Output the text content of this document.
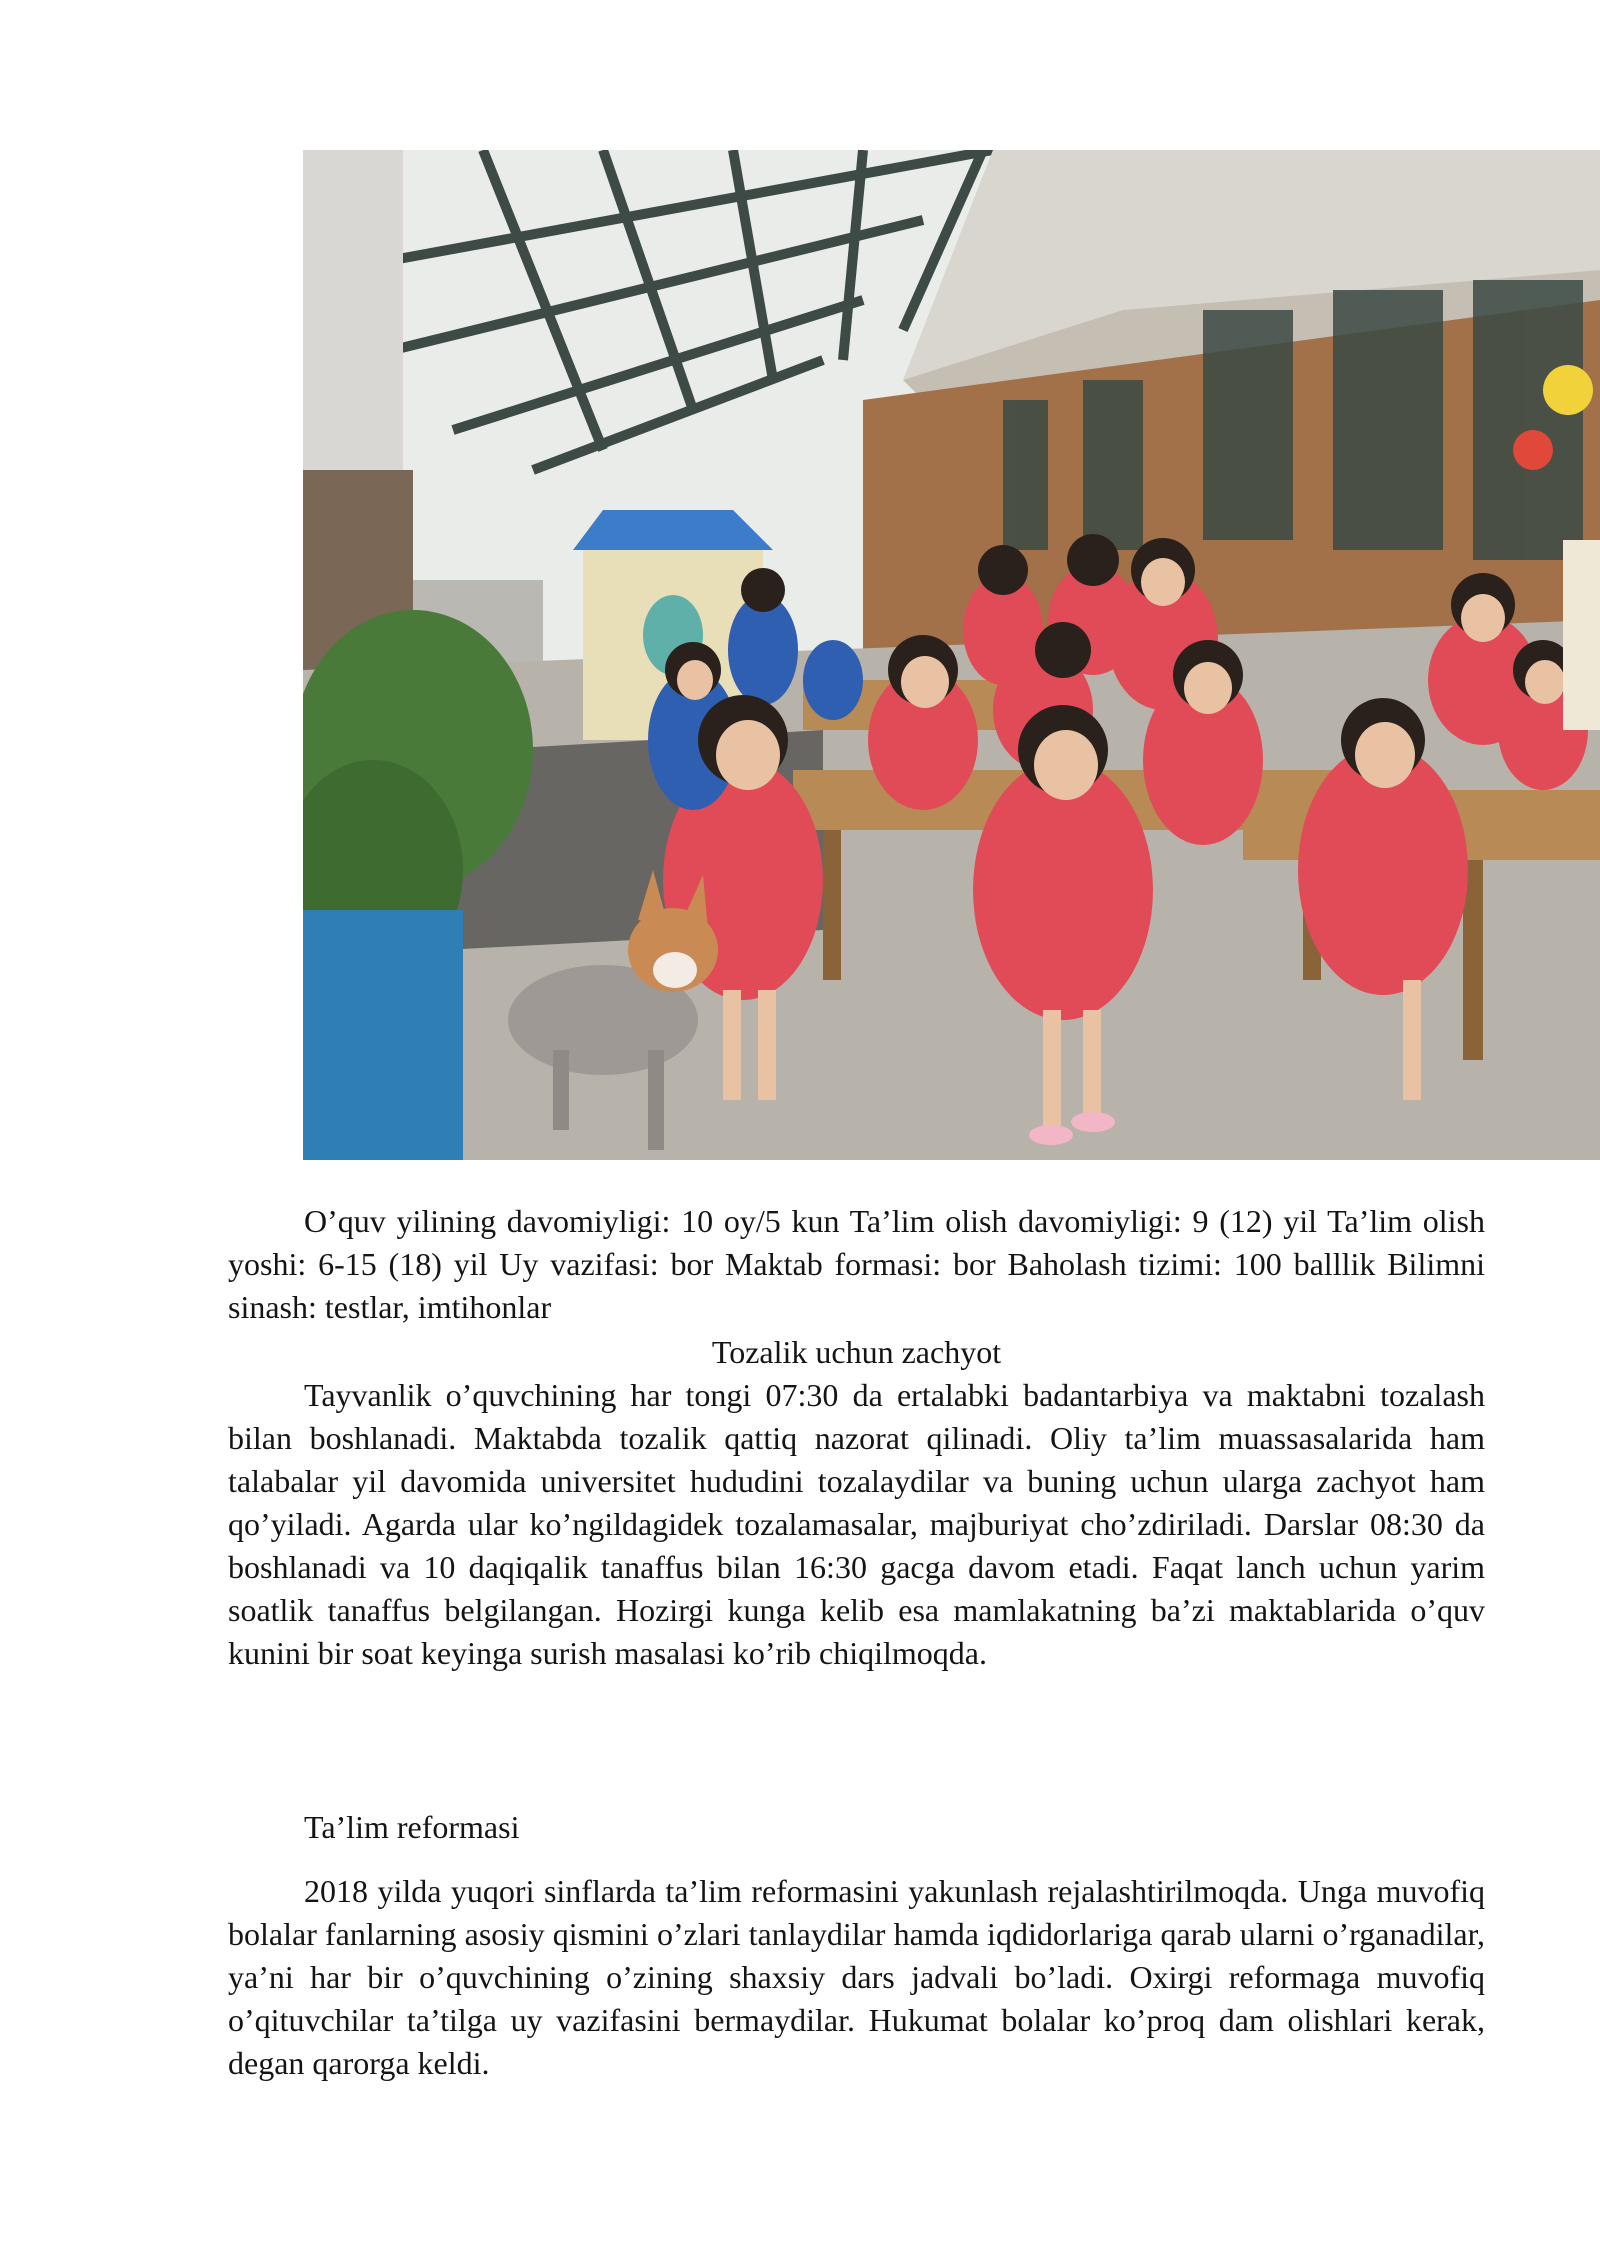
O’quv yilining davomiyligi: 10 oy/5 kun Ta’lim olish davomiyligi: 9 (12) yil Ta’lim olish yoshi: 6-15 (18) yil Uy vazifasi: bor Maktab formasi: bor Baholash tizimi: 100 balllik Bilimni sinash: testlar, imtihonlar

Tozalik uchun zachyot

Tayvanlik o’quvchining har tongi 07:30 da ertalabki badantarbiya va maktabni tozalash bilan boshlanadi. Maktabda tozalik qattiq nazorat qilinadi. Oliy ta’lim muassasalarida ham talabalar yil davomida universitet hududini tozalaydilar va buning uchun ularga zachyot ham qo’yiladi. Agarda ular ko’ngildagidek tozalamasalar, majburiyat cho’zdiriladi. Darslar 08:30 da boshlanadi va 10 daqiqalik tanaffus bilan 16:30 gacga davom etadi. Faqat lanch uchun yarim soatlik tanaffus belgilangan. Hozirgi kunga kelib esa mamlakatning ba’zi maktablarida o’quv kunini bir soat keyinga surish masalasi ko’rib chiqilmoqda.

Ta’lim reformasi

2018 yilda yuqori sinflarda ta’lim reformasini yakunlash rejalashtirilmoqda. Unga muvofiq bolalar fanlarning asosiy qismini o’zlari tanlaydilar hamda iqdidorlariga qarab ularni o’rganadilar, ya’ni har bir o’quvchining o’zining shaxsiy dars jadvali bo’ladi. Oxirgi reformaga muvofiq o’qituvchilar ta’tilga uy vazifasini bermaydilar. Hukumat bolalar ko’proq dam olishlari kerak, degan qarorga keldi.
